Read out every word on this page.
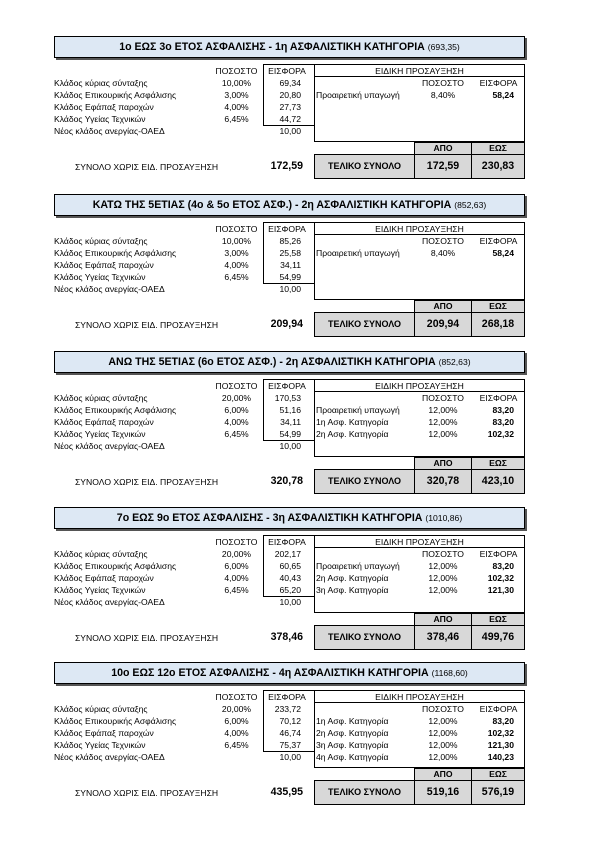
1ο ΕΩΣ 3ο ΕΤΟΣ ΑΣΦΑΛΙΣΗΣ - 1η ΑΣΦΑΛΙΣΤΙΚΗ ΚΑΤΗΓΟΡΙΑ (693,35)
ΠΟΣΟΣΤΟ	ΕΙΣΦΟΡΑ	ΕΙΔΙΚΗ ΠΡΟΣΑΥΞΗΣΗ
ΠΟΣΟΣΤΟ	ΕΙΣΦΟΡΑ
Κλάδος κύριας σύνταξης	10,00%	69,34
Κλάδος Επικουρικής Ασφάλισης	3,00%	20,80
Κλάδος Εφάπαξ παροχών	4,00%	27,73
Κλάδος Υγείας Τεχνικών	6,45%	44,72
Νέος κλάδος ανεργίας-ΟΑΕΔ	10,00
Προαιρετική υπαγωγή	8,40%	58,24
ΑΠΟ	ΕΩΣ
ΣΥΝΟΛΟ ΧΩΡΙΣ ΕΙΔ. ΠΡΟΣΑΥΞΗΣΗ	172,59	ΤΕΛΙΚΟ ΣΥΝΟΛΟ	172,59	230,83
ΚΑΤΩ ΤΗΣ 5ΕΤΙΑΣ (4ο & 5ο ΕΤΟΣ ΑΣΦ.) - 2η ΑΣΦΑΛΙΣΤΙΚΗ ΚΑΤΗΓΟΡΙΑ (852,63)
ΠΟΣΟΣΤΟ	ΕΙΣΦΟΡΑ	ΕΙΔΙΚΗ ΠΡΟΣΑΥΞΗΣΗ
ΠΟΣΟΣΤΟ	ΕΙΣΦΟΡΑ
Κλάδος κύριας σύνταξης	10,00%	85,26
Κλάδος Επικουρικής Ασφάλισης	3,00%	25,58
Κλάδος Εφάπαξ παροχών	4,00%	34,11
Κλάδος Υγείας Τεχνικών	6,45%	54,99
Νέος κλάδος ανεργίας-ΟΑΕΔ	10,00
Προαιρετική υπαγωγή	8,40%	58,24
ΑΠΟ	ΕΩΣ
ΣΥΝΟΛΟ ΧΩΡΙΣ ΕΙΔ. ΠΡΟΣΑΥΞΗΣΗ	209,94	ΤΕΛΙΚΟ ΣΥΝΟΛΟ	209,94	268,18
ΑΝΩ ΤΗΣ 5ΕΤΙΑΣ (6ο ΕΤΟΣ ΑΣΦ.) - 2η ΑΣΦΑΛΙΣΤΙΚΗ ΚΑΤΗΓΟΡΙΑ (852,63)
ΠΟΣΟΣΤΟ	ΕΙΣΦΟΡΑ	ΕΙΔΙΚΗ ΠΡΟΣΑΥΞΗΣΗ
ΠΟΣΟΣΤΟ	ΕΙΣΦΟΡΑ
Κλάδος κύριας σύνταξης	20,00%	170,53
Κλάδος Επικουρικής Ασφάλισης	6,00%	51,16
Κλάδος Εφάπαξ παροχών	4,00%	34,11
Κλάδος Υγείας Τεχνικών	6,45%	54,99
Νέος κλάδος ανεργίας-ΟΑΕΔ	10,00
Προαιρετική υπαγωγή	12,00%	83,20
1η Ασφ. Κατηγορία	12,00%	83,20
2η Ασφ. Κατηγορία	12,00%	102,32
ΑΠΟ	ΕΩΣ
ΣΥΝΟΛΟ ΧΩΡΙΣ ΕΙΔ. ΠΡΟΣΑΥΞΗΣΗ	320,78	ΤΕΛΙΚΟ ΣΥΝΟΛΟ	320,78	423,10
7ο ΕΩΣ 9ο ΕΤΟΣ ΑΣΦΑΛΙΣΗΣ - 3η ΑΣΦΑΛΙΣΤΙΚΗ ΚΑΤΗΓΟΡΙΑ (1010,86)
ΠΟΣΟΣΤΟ	ΕΙΣΦΟΡΑ	ΕΙΔΙΚΗ ΠΡΟΣΑΥΞΗΣΗ
ΠΟΣΟΣΤΟ	ΕΙΣΦΟΡΑ
Κλάδος κύριας σύνταξης	20,00%	202,17
Κλάδος Επικουρικής Ασφάλισης	6,00%	60,65
Κλάδος Εφάπαξ παροχών	4,00%	40,43
Κλάδος Υγείας Τεχνικών	6,45%	65,20
Νέος κλάδος ανεργίας-ΟΑΕΔ	10,00
Προαιρετική υπαγωγή	12,00%	83,20
2η Ασφ. Κατηγορία	12,00%	102,32
3η Ασφ. Κατηγορία	12,00%	121,30
ΑΠΟ	ΕΩΣ
ΣΥΝΟΛΟ ΧΩΡΙΣ ΕΙΔ. ΠΡΟΣΑΥΞΗΣΗ	378,46	ΤΕΛΙΚΟ ΣΥΝΟΛΟ	378,46	499,76
10ο ΕΩΣ 12ο ΕΤΟΣ ΑΣΦΑΛΙΣΗΣ - 4η ΑΣΦΑΛΙΣΤΙΚΗ ΚΑΤΗΓΟΡΙΑ (1168,60)
ΠΟΣΟΣΤΟ	ΕΙΣΦΟΡΑ	ΕΙΔΙΚΗ ΠΡΟΣΑΥΞΗΣΗ
ΠΟΣΟΣΤΟ	ΕΙΣΦΟΡΑ
Κλάδος κύριας σύνταξης	20,00%	233,72
Κλάδος Επικουρικής Ασφάλισης	6,00%	70,12
Κλάδος Εφάπαξ παροχών	4,00%	46,74
Κλάδος Υγείας Τεχνικών	6,45%	75,37
Νέος κλάδος ανεργίας-ΟΑΕΔ	10,00
1η Ασφ. Κατηγορία	12,00%	83,20
2η Ασφ. Κατηγορία	12,00%	102,32
3η Ασφ. Κατηγορία	12,00%	121,30
4η Ασφ. Κατηγορία	12,00%	140,23
ΑΠΟ	ΕΩΣ
ΣΥΝΟΛΟ ΧΩΡΙΣ ΕΙΔ. ΠΡΟΣΑΥΞΗΣΗ	435,95	ΤΕΛΙΚΟ ΣΥΝΟΛΟ	519,16	576,19
